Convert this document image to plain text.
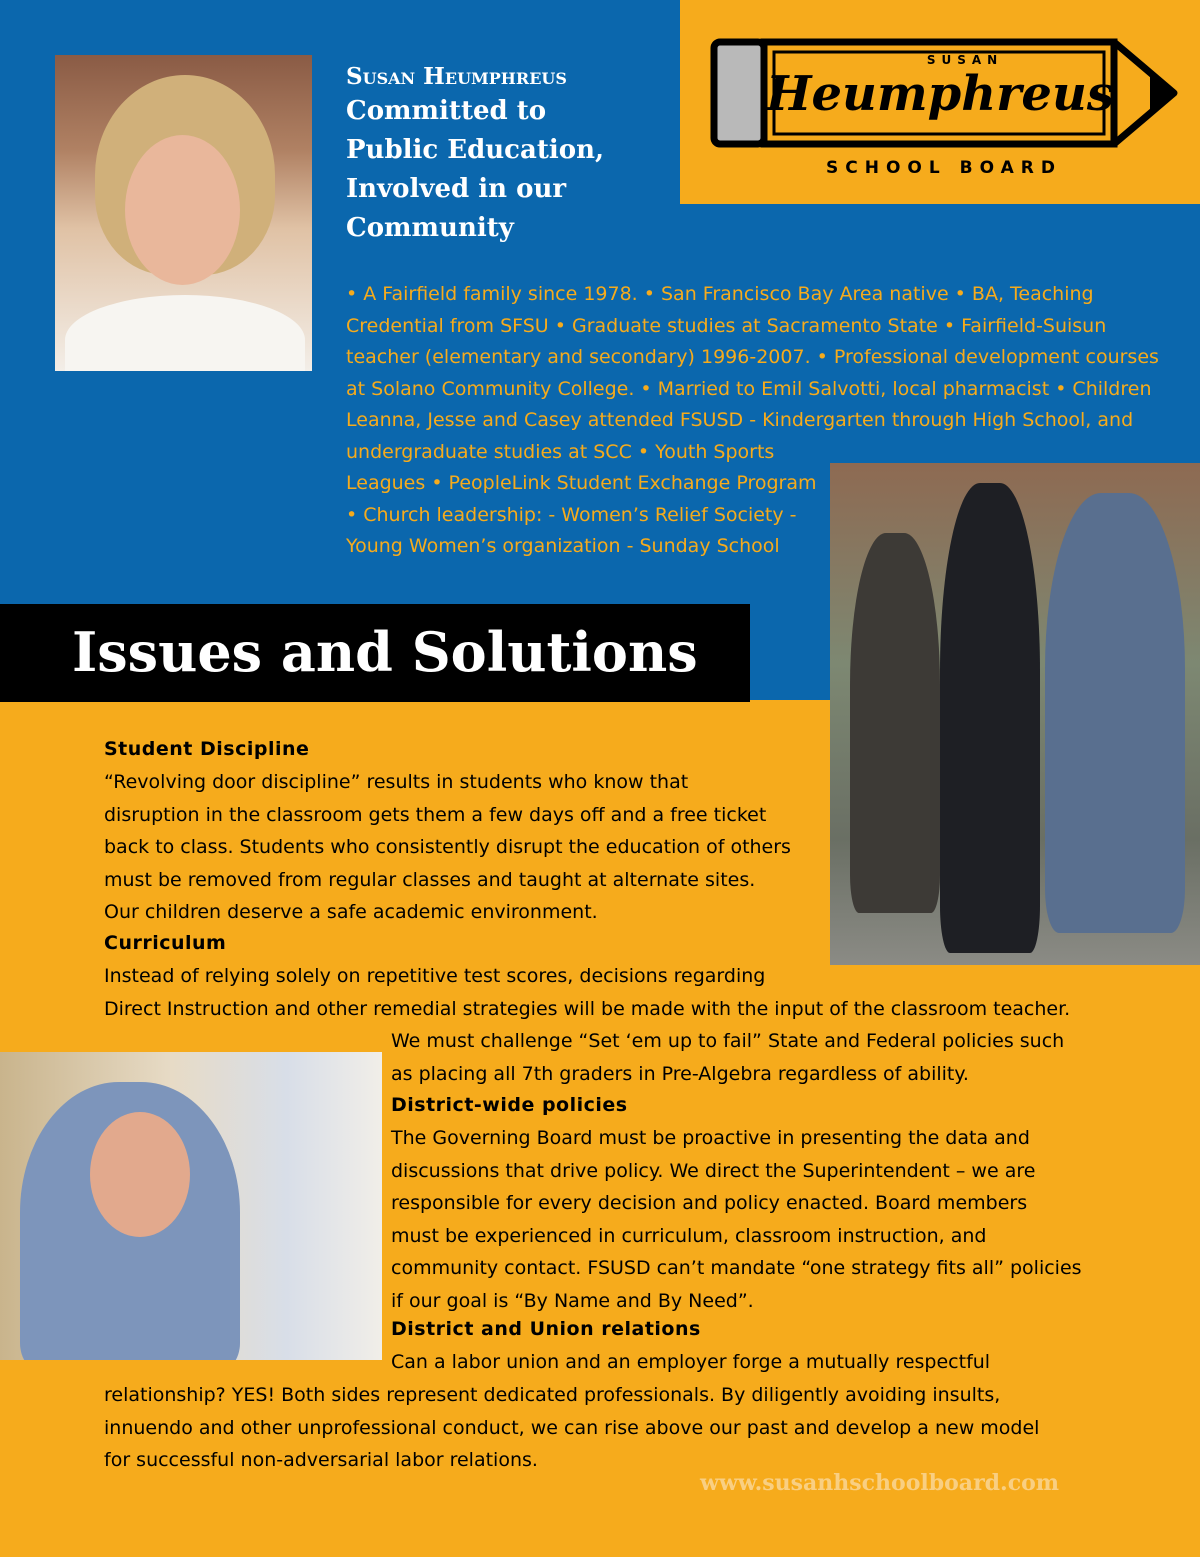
Susan Heumphreus
Committed to
Public Education,
Involved in our
Community
SUSAN
Heumphreus
SCHOOL BOARD
• A Fairfield family since 1978. • San Francisco Bay Area native • BA, Teaching
Credential from SFSU • Graduate studies at Sacramento State • Fairfield-Suisun
teacher (elementary and secondary) 1996-2007. • Professional development courses
at Solano Community College. • Married to Emil Salvotti, local pharmacist • Children
Leanna, Jesse and Casey attended FSUSD - Kindergarten through High School, and
undergraduate studies at SCC • Youth Sports
Leagues • PeopleLink Student Exchange Program
• Church leadership: - Women’s Relief Society -
Young Women’s organization - Sunday School
Issues and Solutions
Student Discipline
“Revolving door discipline” results in students who know that
disruption in the classroom gets them a few days off and a free ticket
back to class. Students who consistently disrupt the education of others
must be removed from regular classes and taught at alternate sites.
Our children deserve a safe academic environment.
Curriculum
Instead of relying solely on repetitive test scores, decisions regarding
Direct Instruction and other remedial strategies will be made with the input of the classroom teacher.
We must challenge “Set ‘em up to fail” State and Federal policies such
as placing all 7th graders in Pre-Algebra regardless of ability.
District-wide policies
The Governing Board must be proactive in presenting the data and
discussions that drive policy. We direct the Superintendent – we are
responsible for every decision and policy enacted. Board members
must be experienced in curriculum, classroom instruction, and
community contact. FSUSD can’t mandate “one strategy fits all” policies
if our goal is “By Name and By Need”.
District and Union relations
Can a labor union and an employer forge a mutually respectful
relationship? YES! Both sides represent dedicated professionals. By diligently avoiding insults,
innuendo and other unprofessional conduct, we can rise above our past and develop a new model
for successful non-adversarial labor relations.

www.susanhschoolboard.com
